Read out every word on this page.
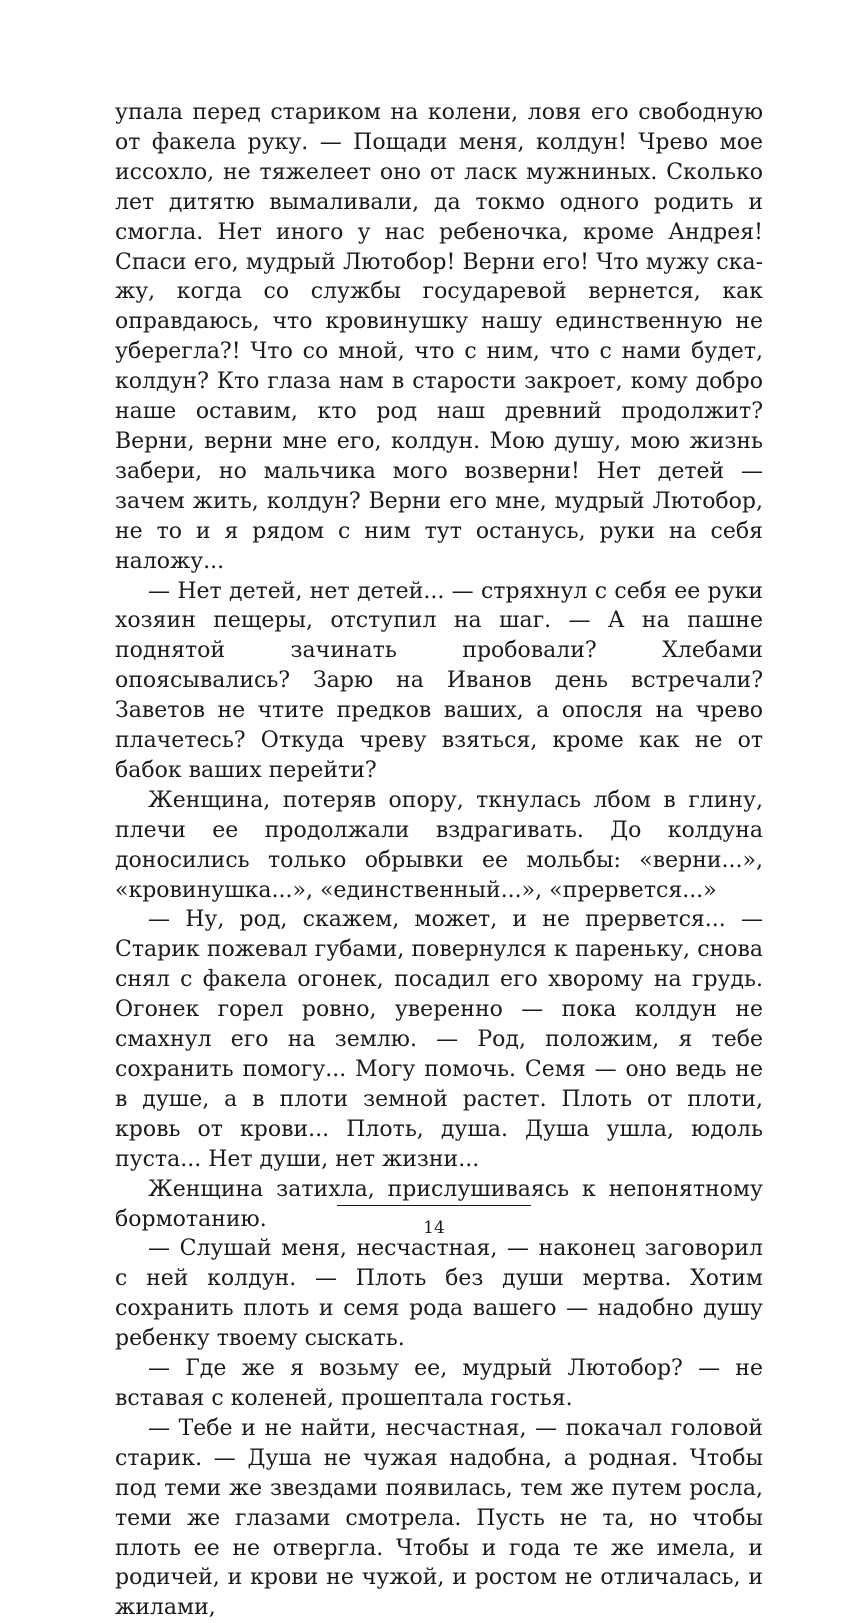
упала перед стариком на колени, ловя его свободную от факела руку. — Пощади меня, колдун! Чрево мое иссохло, не тяжелеет оно от ласк мужниных. Сколько лет дитятю вымаливали, да токмо одного родить и смогла. Нет иного у нас ребеночка, кроме Андрея! Спаси его, мудрый Лютобор! Верни его! Что мужу скажу, когда со службы государевой вернется, как оправдаюсь, что кровинушку нашу единственную не уберегла?! Что со мной, что с ним, что с нами будет, колдун? Кто глаза нам в старости закроет, кому добро наше оставим, кто род наш древний продолжит? Верни, верни мне его, колдун. Мою душу, мою жизнь забери, но мальчика мого возверни! Нет детей — зачем жить, колдун? Верни его мне, мудрый Лютобор, не то и я рядом с ним тут останусь, руки на себя наложу...

— Нет детей, нет детей... — стряхнул с себя ее руки хозяин пещеры, отступил на шаг. — А на пашне поднятой зачинать пробовали? Хлебами опоясывались? Зарю на Иванов день встречали? Заветов не чтите предков ваших, а опосля на чрево плачетесь? Откуда чреву взяться, кроме как не от бабок ваших перейти?

Женщина, потеряв опору, ткнулась лбом в глину, плечи ее продолжали вздрагивать. До колдуна доносились только обрывки ее мольбы: «верни...», «кровинушка...», «единственный...», «прервется...»

— Ну, род, скажем, может, и не прервется... — Старик пожевал губами, повернулся к пареньку, снова снял с факела огонек, посадил его хворому на грудь. Огонек горел ровно, уверенно — пока колдун не смахнул его на землю. — Род, положим, я тебе сохранить помогу... Могу помочь. Семя — оно ведь не в душе, а в плоти земной растет. Плоть от плоти, кровь от крови... Плоть, душа. Душа ушла, юдоль пуста... Нет души, нет жизни...

Женщина затихла, прислушиваясь к непонятному бормотанию.

— Слушай меня, несчастная, — наконец заговорил с ней колдун. — Плоть без души мертва. Хотим сохранить плоть и семя рода вашего — надобно душу ребенку твоему сыскать.

— Где же я возьму ее, мудрый Лютобор? — не вставая с коленей, прошептала гостья.

— Тебе и не найти, несчастная, — покачал головой старик. — Душа не чужая надобна, а родная. Чтобы под теми же звездами появилась, тем же путем росла, теми же глазами смотрела. Пусть не та, но чтобы плоть ее не отвергла. Чтобы и года те же имела, и родичей, и крови не чужой, и ростом не отличалась, и жилами,

14
